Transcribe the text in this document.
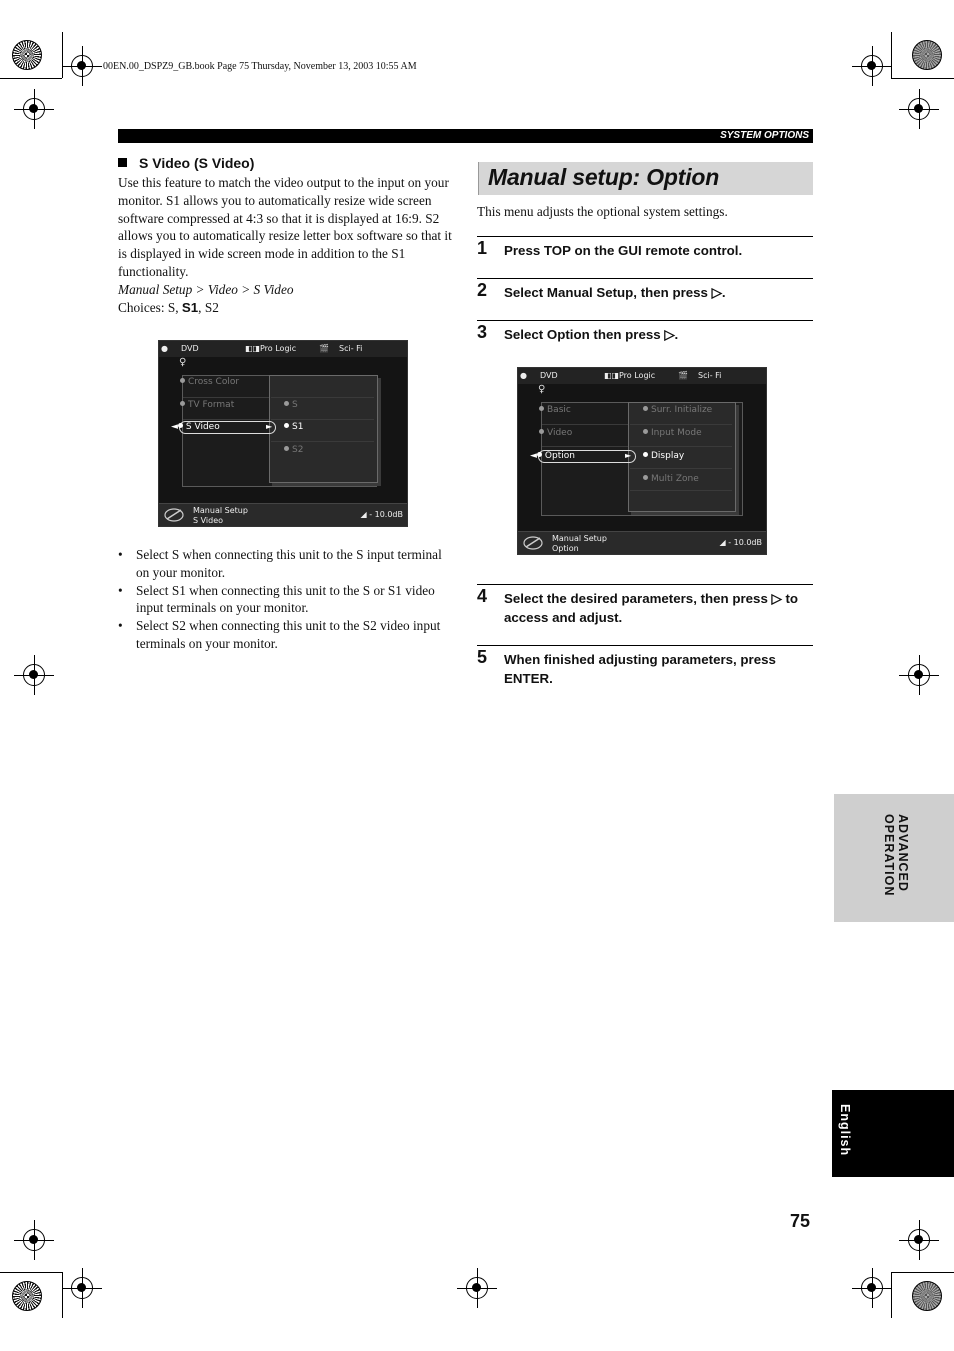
00EN.00_DSPZ9_GB.book Page 75 Thursday, November 13, 2003 10:55 AM
SYSTEM OPTIONS
S Video (S Video)

Use this feature to match the video output to the input on your monitor. S1 allows you to automatically resize wide screen software compressed at 4:3 so that it is displayed at 16:9. S2 allows you to automatically resize letter box software so that it is displayed in wide screen mode in addition to the S1 functionality.

Manual Setup > Video > S Video

Choices: S, S1, S2

●	DVD	◧◨ Pro Logic	🎬 Sci- Fi
♀
Cross Color
TV Format
◄ S Video	►
S
S1
S2
Manual Setup
S Video
◢ - 10.0dB
• Select S when connecting this unit to the S input terminal on your monitor.
• Select S1 when connecting this unit to the S or S1 video input terminals on your monitor.
• Select S2 when connecting this unit to the S2 video input terminals on your monitor.
Manual setup: Option
This menu adjusts the optional system settings.
1 Press TOP on the GUI remote control.
2 Select Manual Setup, then press ▷.
3 Select Option then press ▷.
● DVD	◧◨ Pro Logic	🎬 Sci- Fi
♀
Basic
Video
◄ Option	►
Surr. Initialize
Input Mode
Display
Multi Zone
Manual Setup
Option
◢ - 10.0dB
4 Select the desired parameters, then press ▷ to access and adjust.
5 When finished adjusting parameters, press ENTER.
ADVANCED OPERATION
English
75
